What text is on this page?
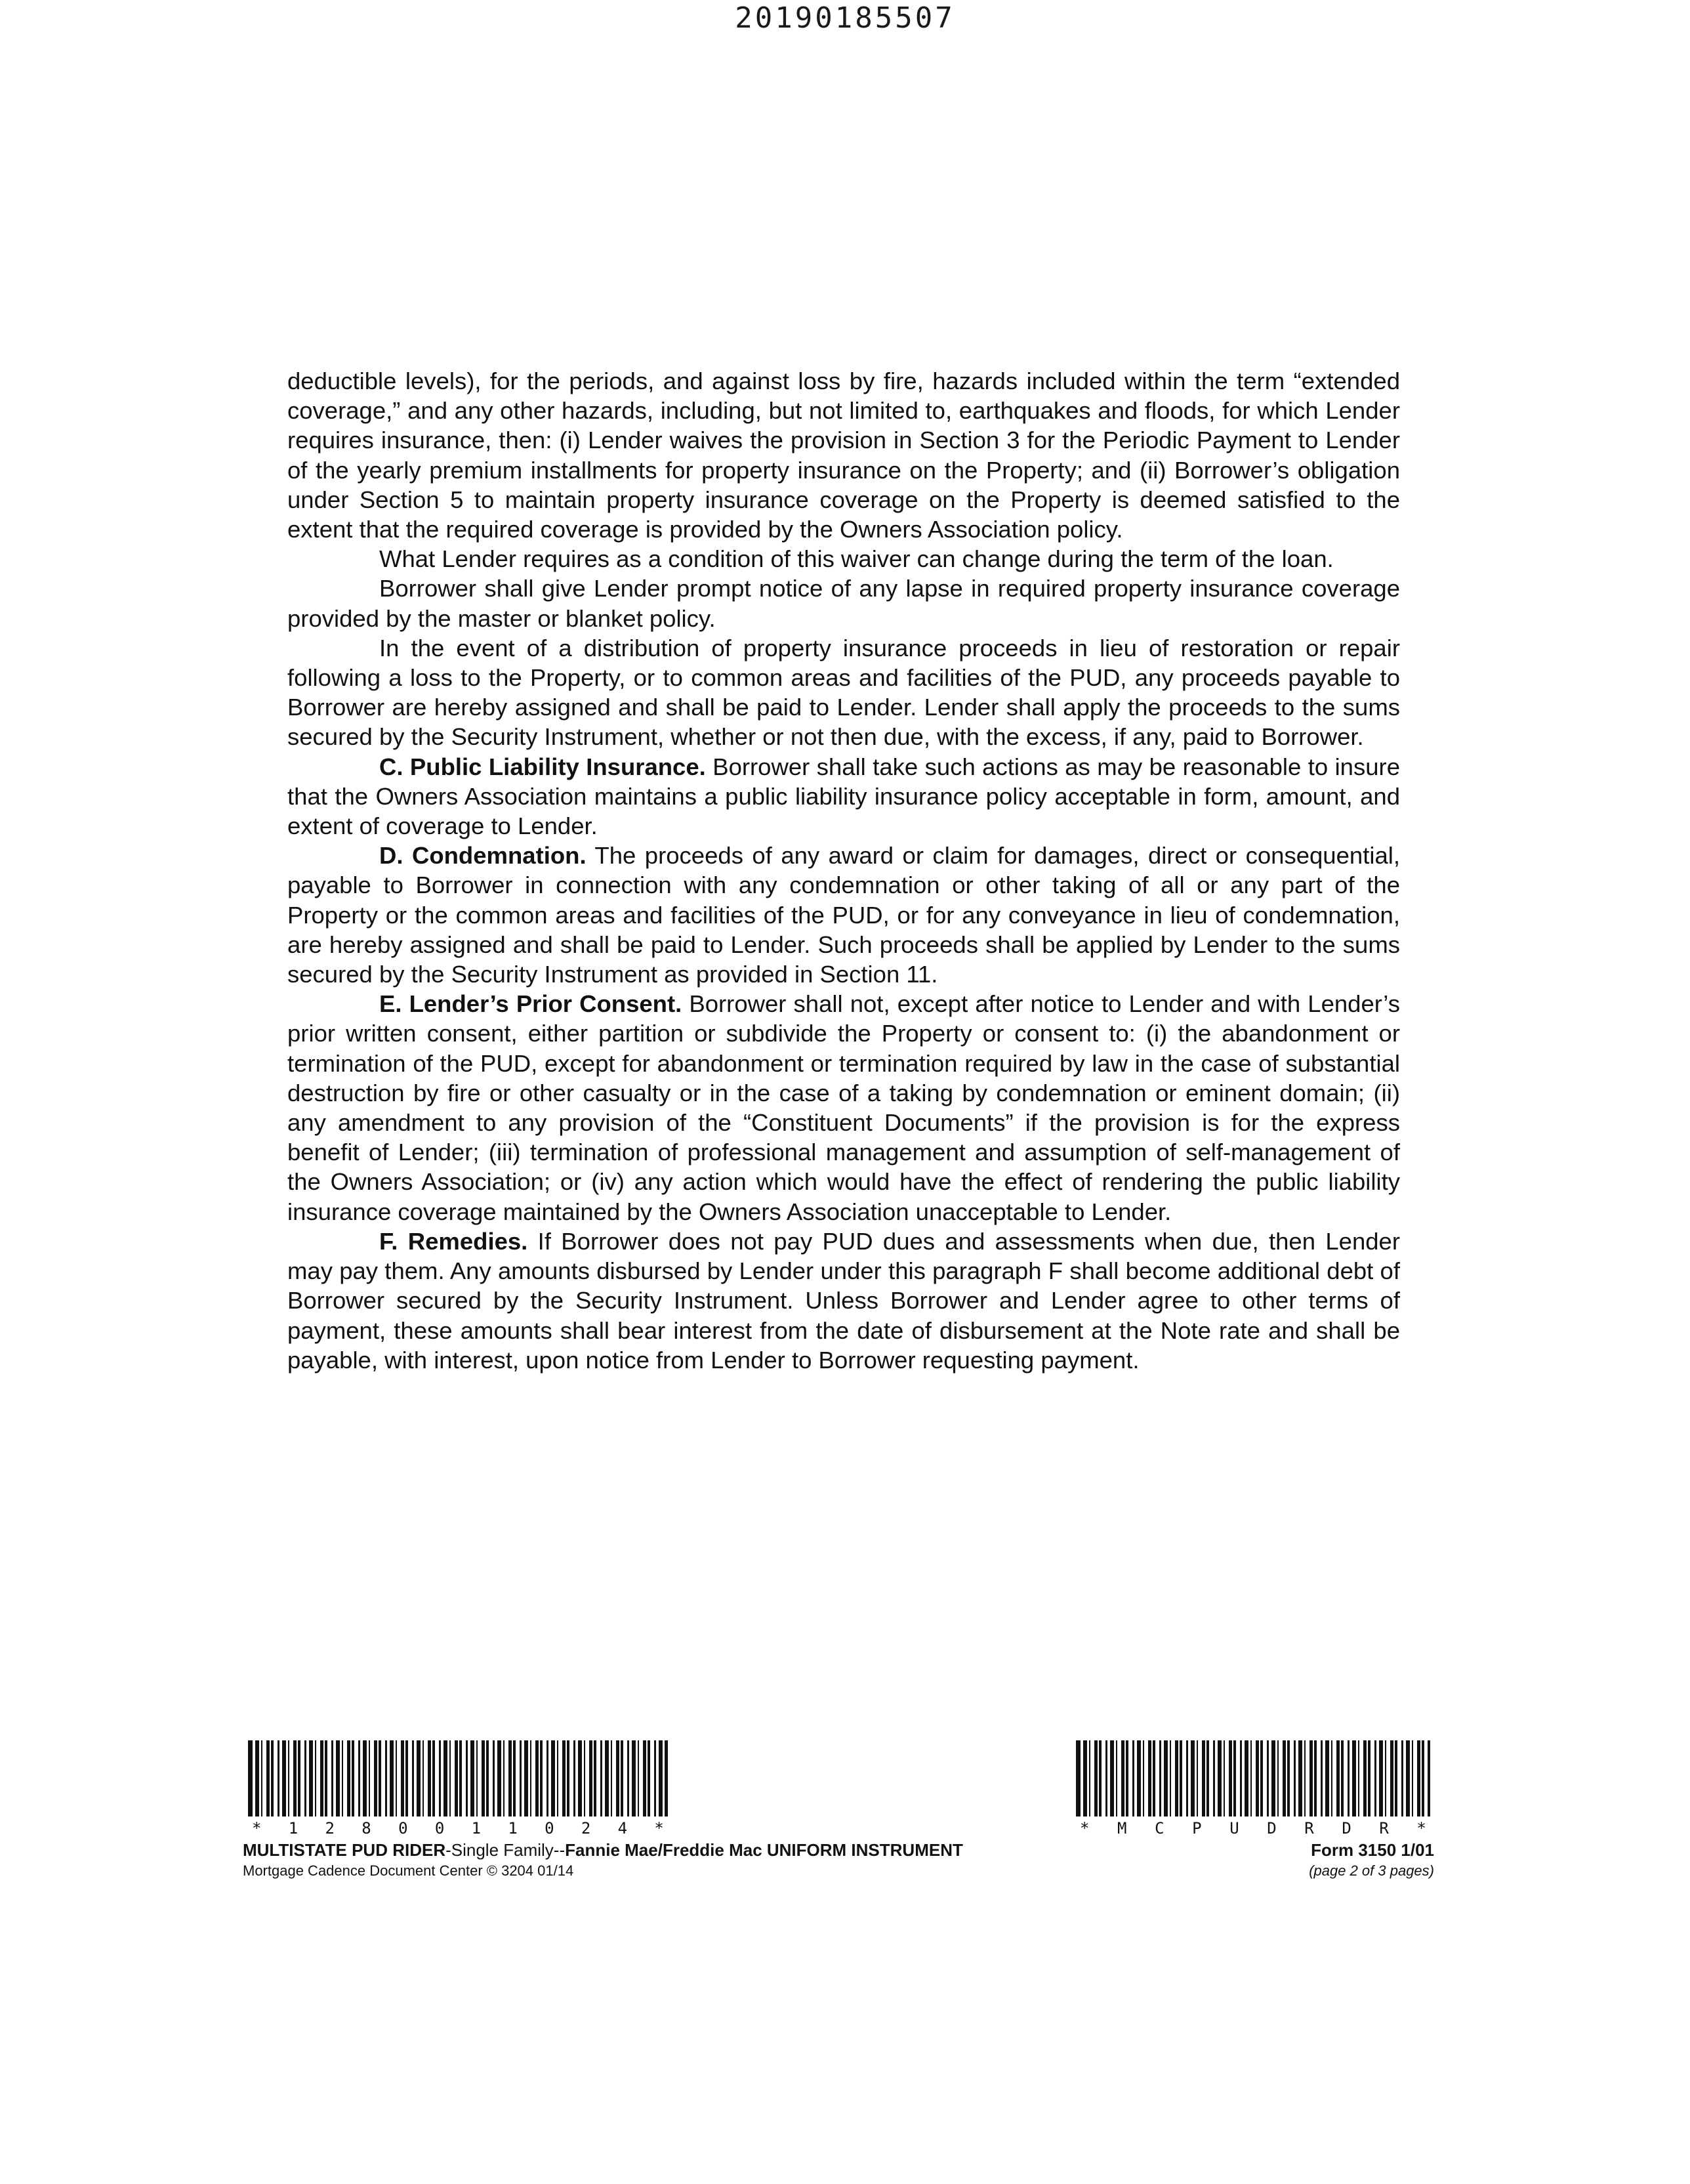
20190185507

deductible levels), for the periods, and against loss by fire, hazards included within the term “extended coverage,” and any other hazards, including, but not limited to, earthquakes and floods, for which Lender requires insurance, then: (i) Lender waives the provision in Section 3 for the Periodic Payment to Lender of the yearly premium installments for property insurance on the Property; and (ii) Borrower’s obligation under Section 5 to maintain property insurance coverage on the Property is deemed satisfied to the extent that the required coverage is provided by the Owners Association policy.

What Lender requires as a condition of this waiver can change during the term of the loan.

Borrower shall give Lender prompt notice of any lapse in required property insurance coverage provided by the master or blanket policy.

In the event of a distribution of property insurance proceeds in lieu of restoration or repair following a loss to the Property, or to common areas and facilities of the PUD, any proceeds payable to Borrower are hereby assigned and shall be paid to Lender. Lender shall apply the proceeds to the sums secured by the Security Instrument, whether or not then due, with the excess, if any, paid to Borrower.

C. Public Liability Insurance. Borrower shall take such actions as may be reasonable to insure that the Owners Association maintains a public liability insurance policy acceptable in form, amount, and extent of coverage to Lender.

D. Condemnation. The proceeds of any award or claim for damages, direct or consequential, payable to Borrower in connection with any condemnation or other taking of all or any part of the Property or the common areas and facilities of the PUD, or for any conveyance in lieu of condemnation, are hereby assigned and shall be paid to Lender. Such proceeds shall be applied by Lender to the sums secured by the Security Instrument as provided in Section 11.

E. Lender’s Prior Consent. Borrower shall not, except after notice to Lender and with Lender’s prior written consent, either partition or subdivide the Property or consent to: (i) the abandonment or termination of the PUD, except for abandonment or termination required by law in the case of substantial destruction by fire or other casualty or in the case of a taking by condemnation or eminent domain; (ii) any amendment to any provision of the “Constituent Documents” if the provision is for the express benefit of Lender; (iii) termination of professional management and assumption of self-management of the Owners Association; or (iv) any action which would have the effect of rendering the public liability insurance coverage maintained by the Owners Association unacceptable to Lender.

F. Remedies. If Borrower does not pay PUD dues and assessments when due, then Lender may pay them. Any amounts disbursed by Lender under this paragraph F shall become additional debt of Borrower secured by the Security Instrument. Unless Borrower and Lender agree to other terms of payment, these amounts shall bear interest from the date of disbursement at the Note rate and shall be payable, with interest, upon notice from Lender to Borrower requesting payment.

* 1 2 8 0 0 1 1 0 2 4 *	* M C P U D R D R *
MULTISTATE PUD RIDER-Single Family--Fannie Mae/Freddie Mac UNIFORM INSTRUMENT
Mortgage Cadence Document Center © 3204 01/14
Form 3150 1/01
(page 2 of 3 pages)
